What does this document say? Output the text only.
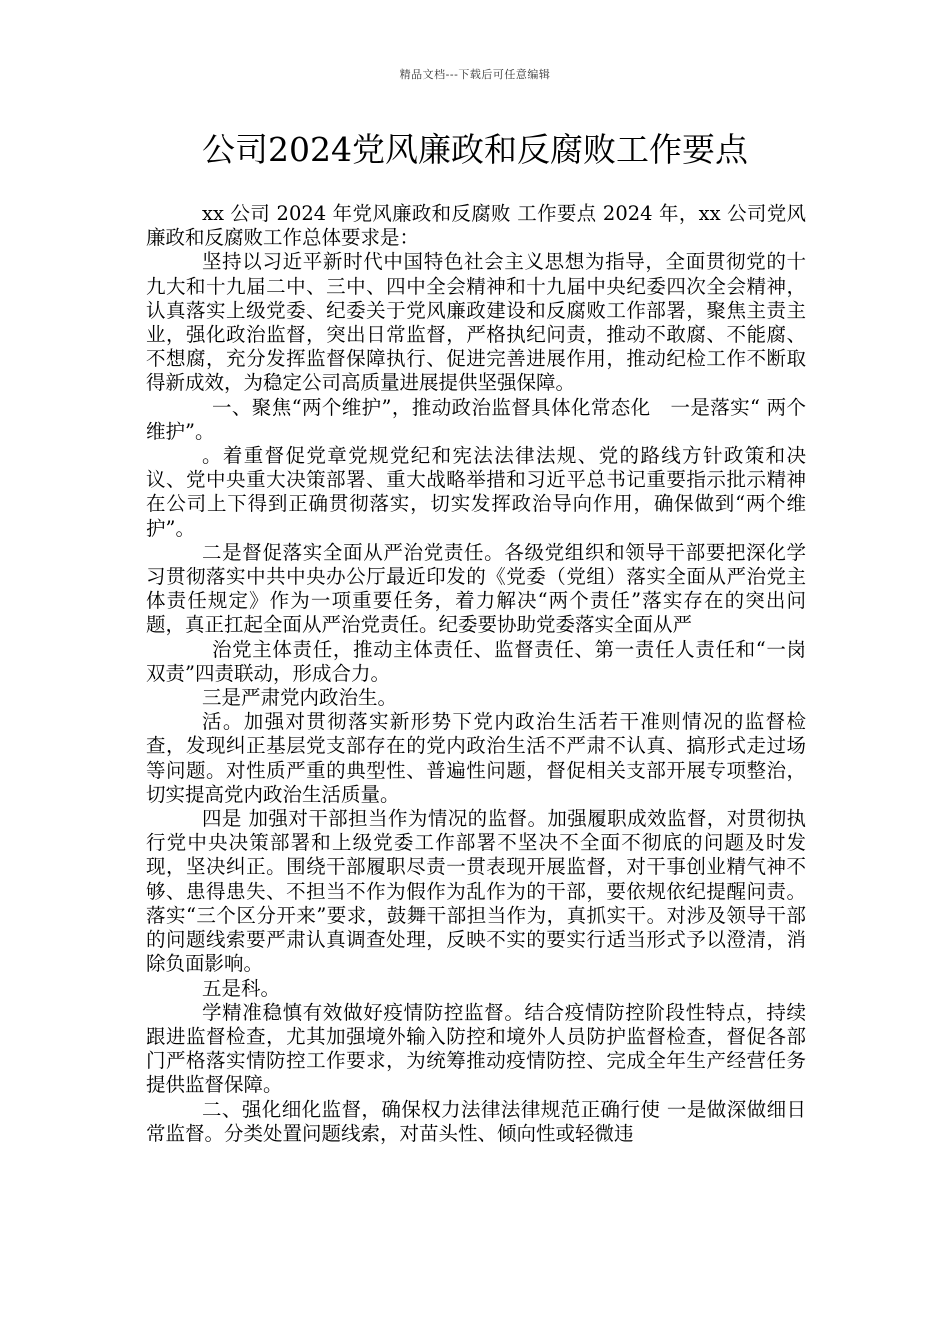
精品文档---下载后可任意编辑
公司2024党风廉政和反腐败工作要点

xx 公司 2024 年党风廉政和反腐败 工作要点 2024 年，xx 公司党风廉政和反腐败工作总体要求是：

坚持以习近平新时代中国特色社会主义思想为指导，全面贯彻党的十九大和十九届二中、三中、四中全会精神和十九届中央纪委四次全会精神，认真落实上级党委、纪委关于党风廉政建设和反腐败工作部署，聚焦主责主业，强化政治监督，突出日常监督，严格执纪问责，推动不敢腐、不能腐、不想腐，充分发挥监督保障执行、促进完善进展作用，推动纪检工作不断取得新成效，为稳定公司高质量进展提供坚强保障。

一、聚焦“两个维护”，推动政治监督具体化常态化　一是落实“ 两个维护”。

。着重督促党章党规党纪和宪法法律法规、党的路线方针政策和决议、党中央重大决策部署、重大战略举措和习近平总书记重要指示批示精神在公司上下得到正确贯彻落实，切实发挥政治导向作用，确保做到“两个维护”。

二是督促落实全面从严治党责任。各级党组织和领导干部要把深化学习贯彻落实中共中央办公厅最近印发的《党委（党组）落实全面从严治党主体责任规定》作为一项重要任务，着力解决“两个责任”落实存在的突出问题，真正扛起全面从严治党责任。纪委要协助党委落实全面从严

治党主体责任，推动主体责任、监督责任、第一责任人责任和“一岗双责”四责联动，形成合力。

三是严肃党内政治生。

活。加强对贯彻落实新形势下党内政治生活若干准则情况的监督检查，发现纠正基层党支部存在的党内政治生活不严肃不认真、搞形式走过场等问题。对性质严重的典型性、普遍性问题，督促相关支部开展专项整治，切实提高党内政治生活质量。

四是 加强对干部担当作为情况的监督。加强履职成效监督，对贯彻执行党中央决策部署和上级党委工作部署不坚决不全面不彻底的问题及时发现，坚决纠正。围绕干部履职尽责一贯表现开展监督，对干事创业精气神不够、患得患失、不担当不作为假作为乱作为的干部，要依规依纪提醒问责。落实“三个区分开来”要求，鼓舞干部担当作为，真抓实干。对涉及领导干部的问题线索要严肃认真调查处理，反映不实的要实行适当形式予以澄清，消除负面影响。

五是科。

学精准稳慎有效做好疫情防控监督。结合疫情防控阶段性特点，持续跟进监督检查，尤其加强境外输入防控和境外人员防护监督检查，督促各部门严格落实情防控工作要求，为统筹推动疫情防控、完成全年生产经营任务提供监督保障。

二、强化细化监督，确保权力法律法律规范正确行使 一是做深做细日常监督。分类处置问题线索，对苗头性、倾向性或轻微违
